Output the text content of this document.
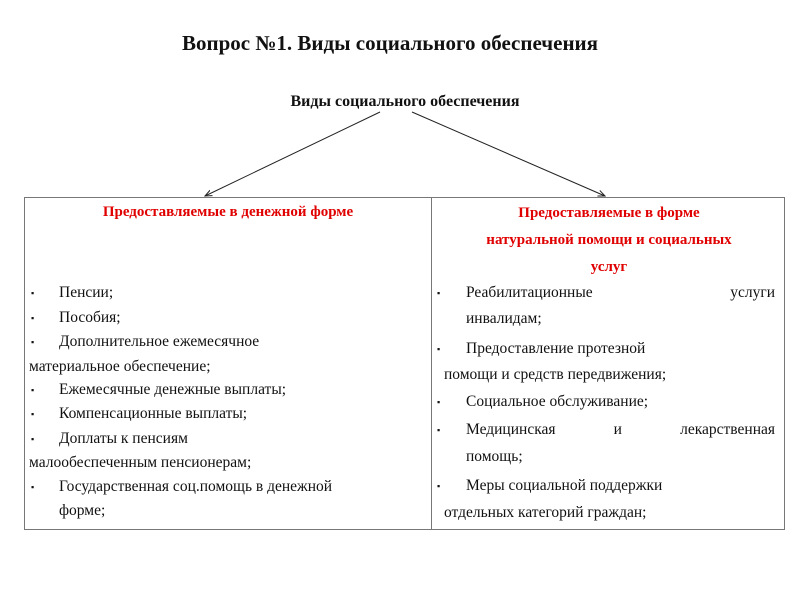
Вопрос №1. Виды социального обеспечения
Виды социального обеспечения
Предоставляемые в денежной форме
▪ Пенсии;
▪ Пособия;
▪ Дополнительное ежемесячное
материальное обеспечение;
▪ Ежемесячные денежные выплаты;
▪ Компенсационные выплаты;
▪ Доплаты к пенсиям
малообеспеченным пенсионерам;
▪ Государственная соц.помощь в денежной
форме;
Предоставляемые в форме
натуральной помощи и социальных
услуг
▪ Реабилитационные	услуги
инвалидам;
▪ Предоставление протезной
помощи и средств передвижения;
▪ Социальное обслуживание;
▪ Медицинская	и	лекарственная
помощь;
▪ Меры социальной поддержки
отдельных категорий граждан;
